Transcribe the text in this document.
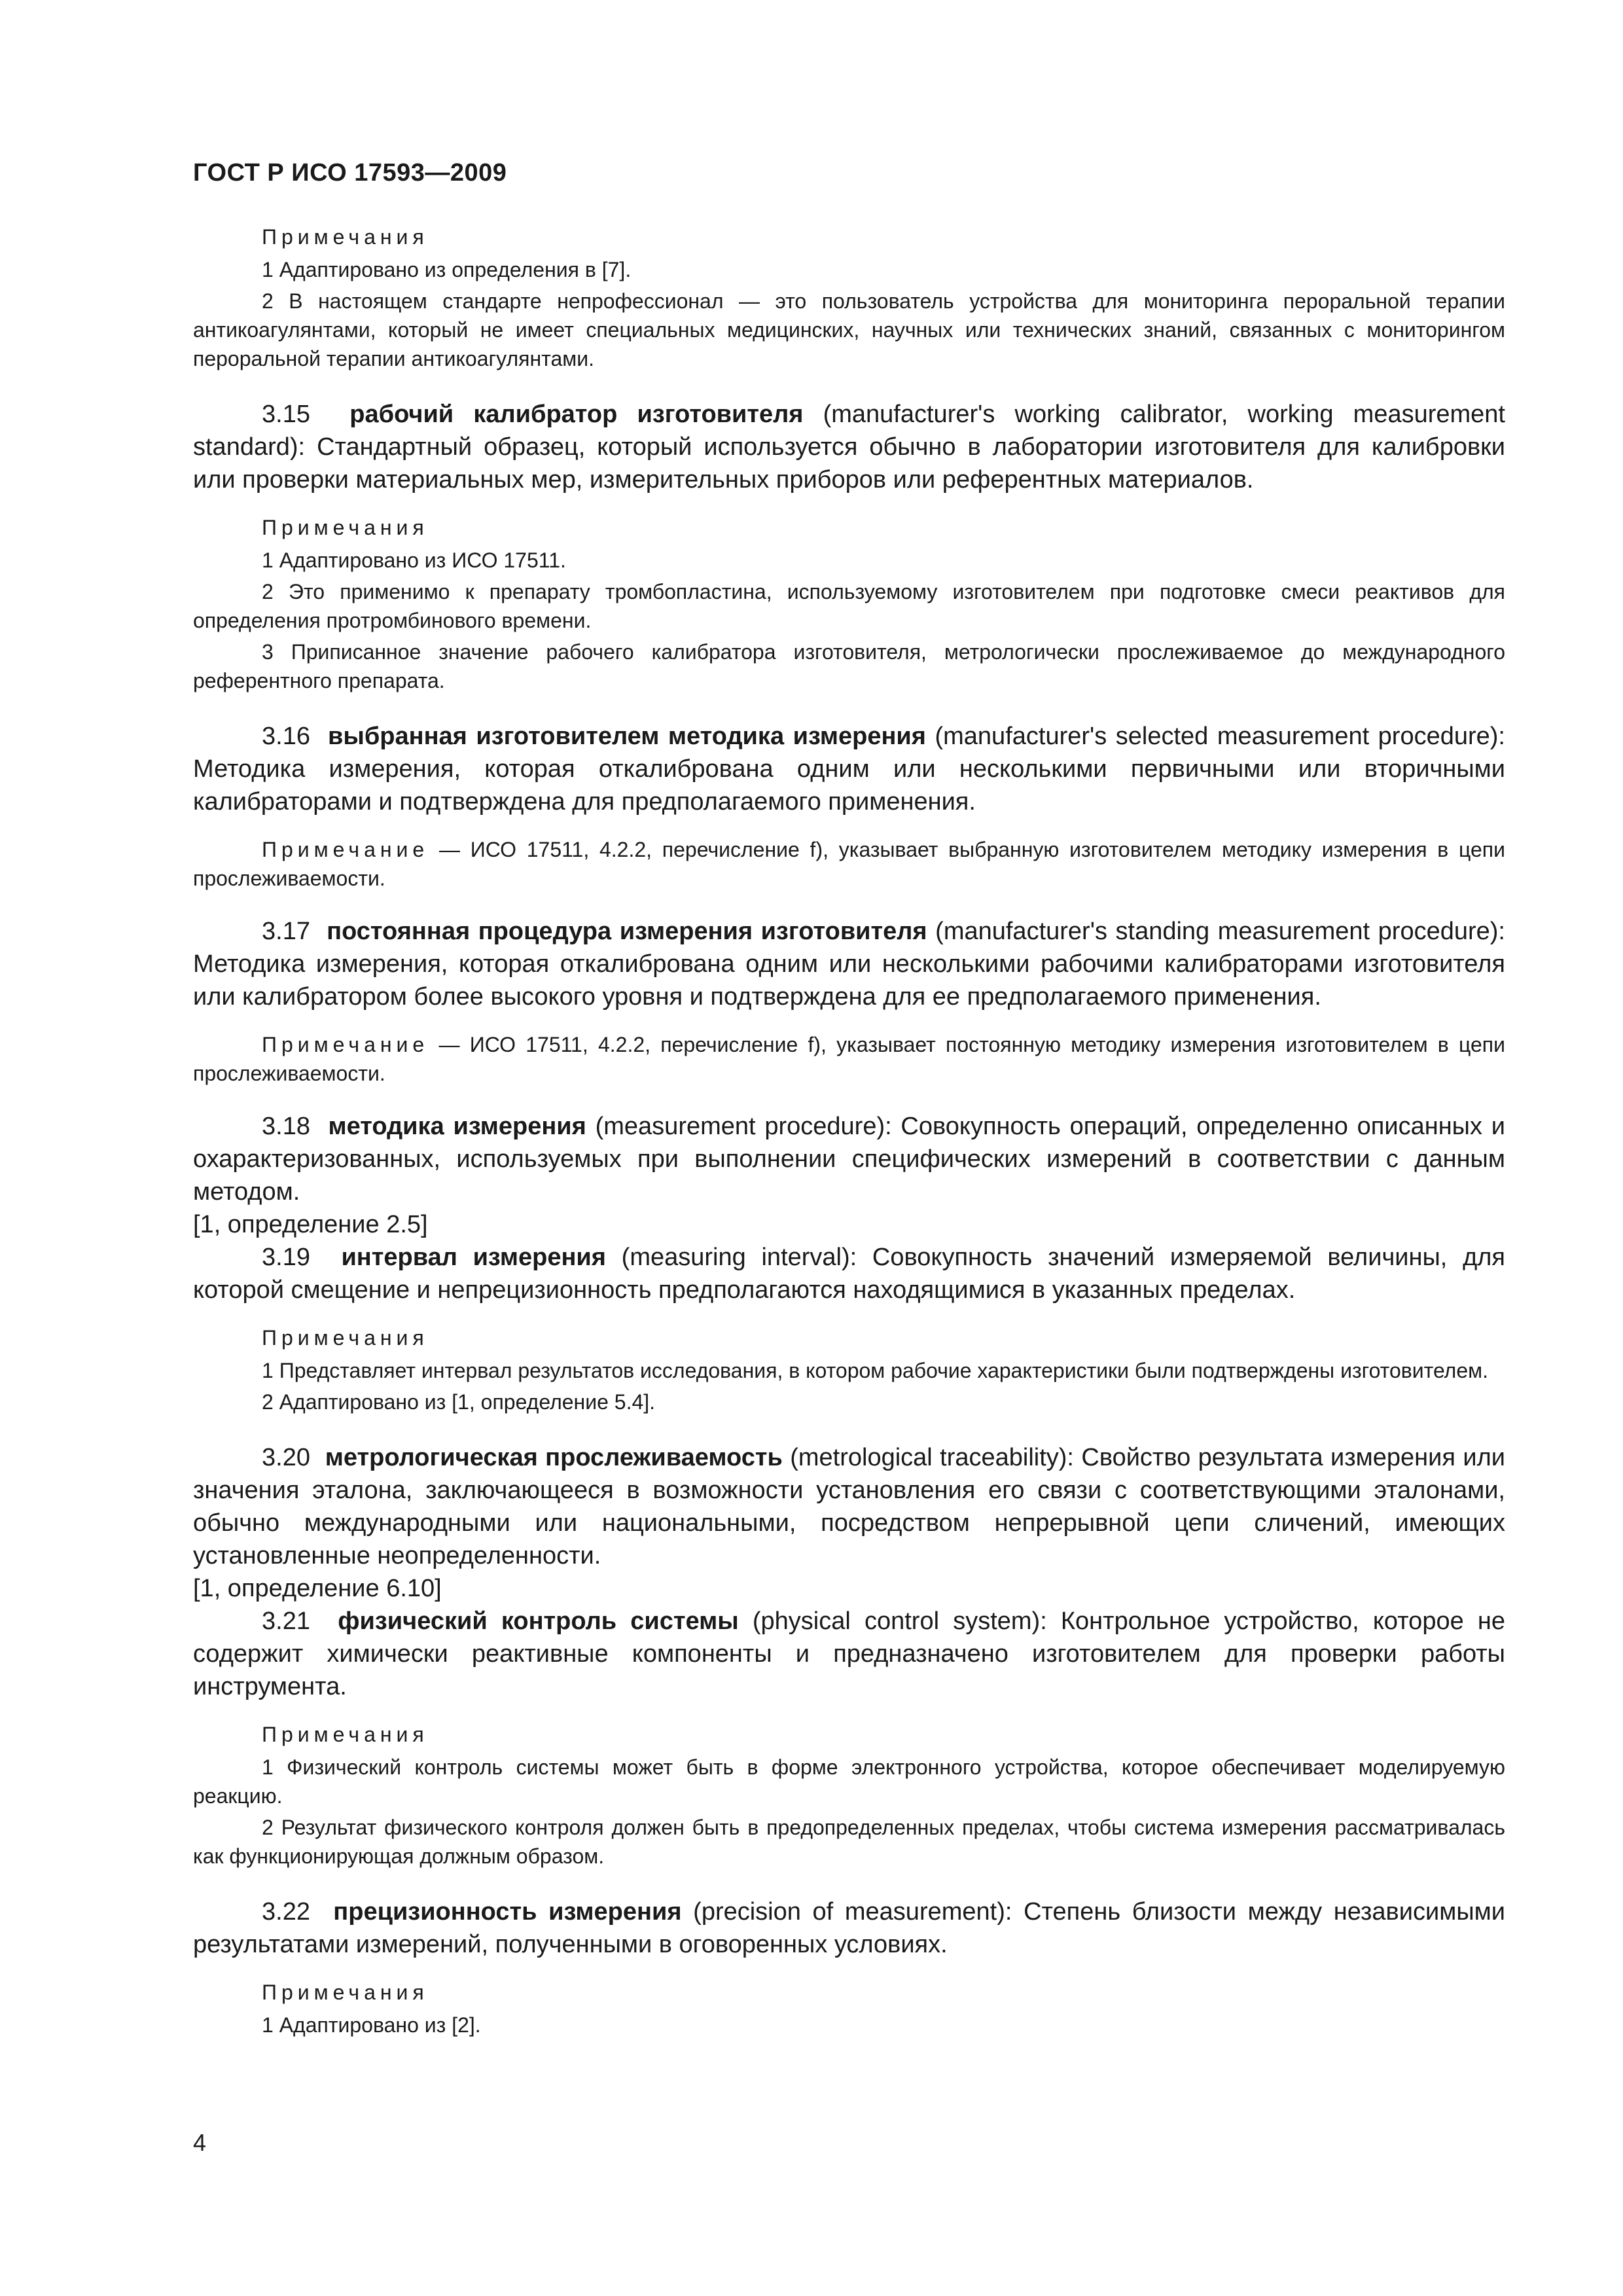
ГОСТ Р ИСО 17593—2009
Примечания

1 Адаптировано из определения в [7].

2 В настоящем стандарте непрофессионал — это пользователь устройства для мониторинга пероральной терапии антикоагулянтами, который не имеет специальных медицинских, научных или технических знаний, связанных с мониторингом пероральной терапии антикоагулянтами.

3.15 рабочий калибратор изготовителя (manufacturer's working calibrator, working measurement standard): Стандартный образец, который используется обычно в лаборатории изготовителя для калибровки или проверки материальных мер, измерительных приборов или референтных материалов.

Примечания

1 Адаптировано из ИСО 17511.

2 Это применимо к препарату тромбопластина, используемому изготовителем при подготовке смеси реактивов для определения протромбинового времени.

3 Приписанное значение рабочего калибратора изготовителя, метрологически прослеживаемое до международного референтного препарата.

3.16 выбранная изготовителем методика измерения (manufacturer's selected measurement procedure): Методика измерения, которая откалибрована одним или несколькими первичными или вторичными калибраторами и подтверждена для предполагаемого применения.

Примечание — ИСО 17511, 4.2.2, перечисление f), указывает выбранную изготовителем методику измерения в цепи прослеживаемости.

3.17 постоянная процедура измерения изготовителя (manufacturer's standing measurement procedure): Методика измерения, которая откалибрована одним или несколькими рабочими калибраторами изготовителя или калибратором более высокого уровня и подтверждена для ее предполагаемого применения.

Примечание — ИСО 17511, 4.2.2, перечисление f), указывает постоянную методику измерения изготовителем в цепи прослеживаемости.

3.18 методика измерения (measurement procedure): Совокупность операций, определенно описанных и охарактеризованных, используемых при выполнении специфических измерений в соответствии с данным методом.

[1, определение 2.5]

3.19 интервал измерения (measuring interval): Совокупность значений измеряемой величины, для которой смещение и непрецизионность предполагаются находящимися в указанных пределах.

Примечания

1 Представляет интервал результатов исследования, в котором рабочие характеристики были подтверждены изготовителем.

2 Адаптировано из [1, определение 5.4].

3.20 метрологическая прослеживаемость (metrological traceability): Свойство результата измерения или значения эталона, заключающееся в возможности установления его связи с соответствующими эталонами, обычно международными или национальными, посредством непрерывной цепи сличений, имеющих установленные неопределенности.

[1, определение 6.10]

3.21 физический контроль системы (physical control system): Контрольное устройство, которое не содержит химически реактивные компоненты и предназначено изготовителем для проверки работы инструмента.

Примечания

1 Физический контроль системы может быть в форме электронного устройства, которое обеспечивает моделируемую реакцию.

2 Результат физического контроля должен быть в предопределенных пределах, чтобы система измерения рассматривалась как функционирующая должным образом.

3.22 прецизионность измерения (precision of measurement): Степень близости между независимыми результатами измерений, полученными в оговоренных условиях.

Примечания

1 Адаптировано из [2].

4
